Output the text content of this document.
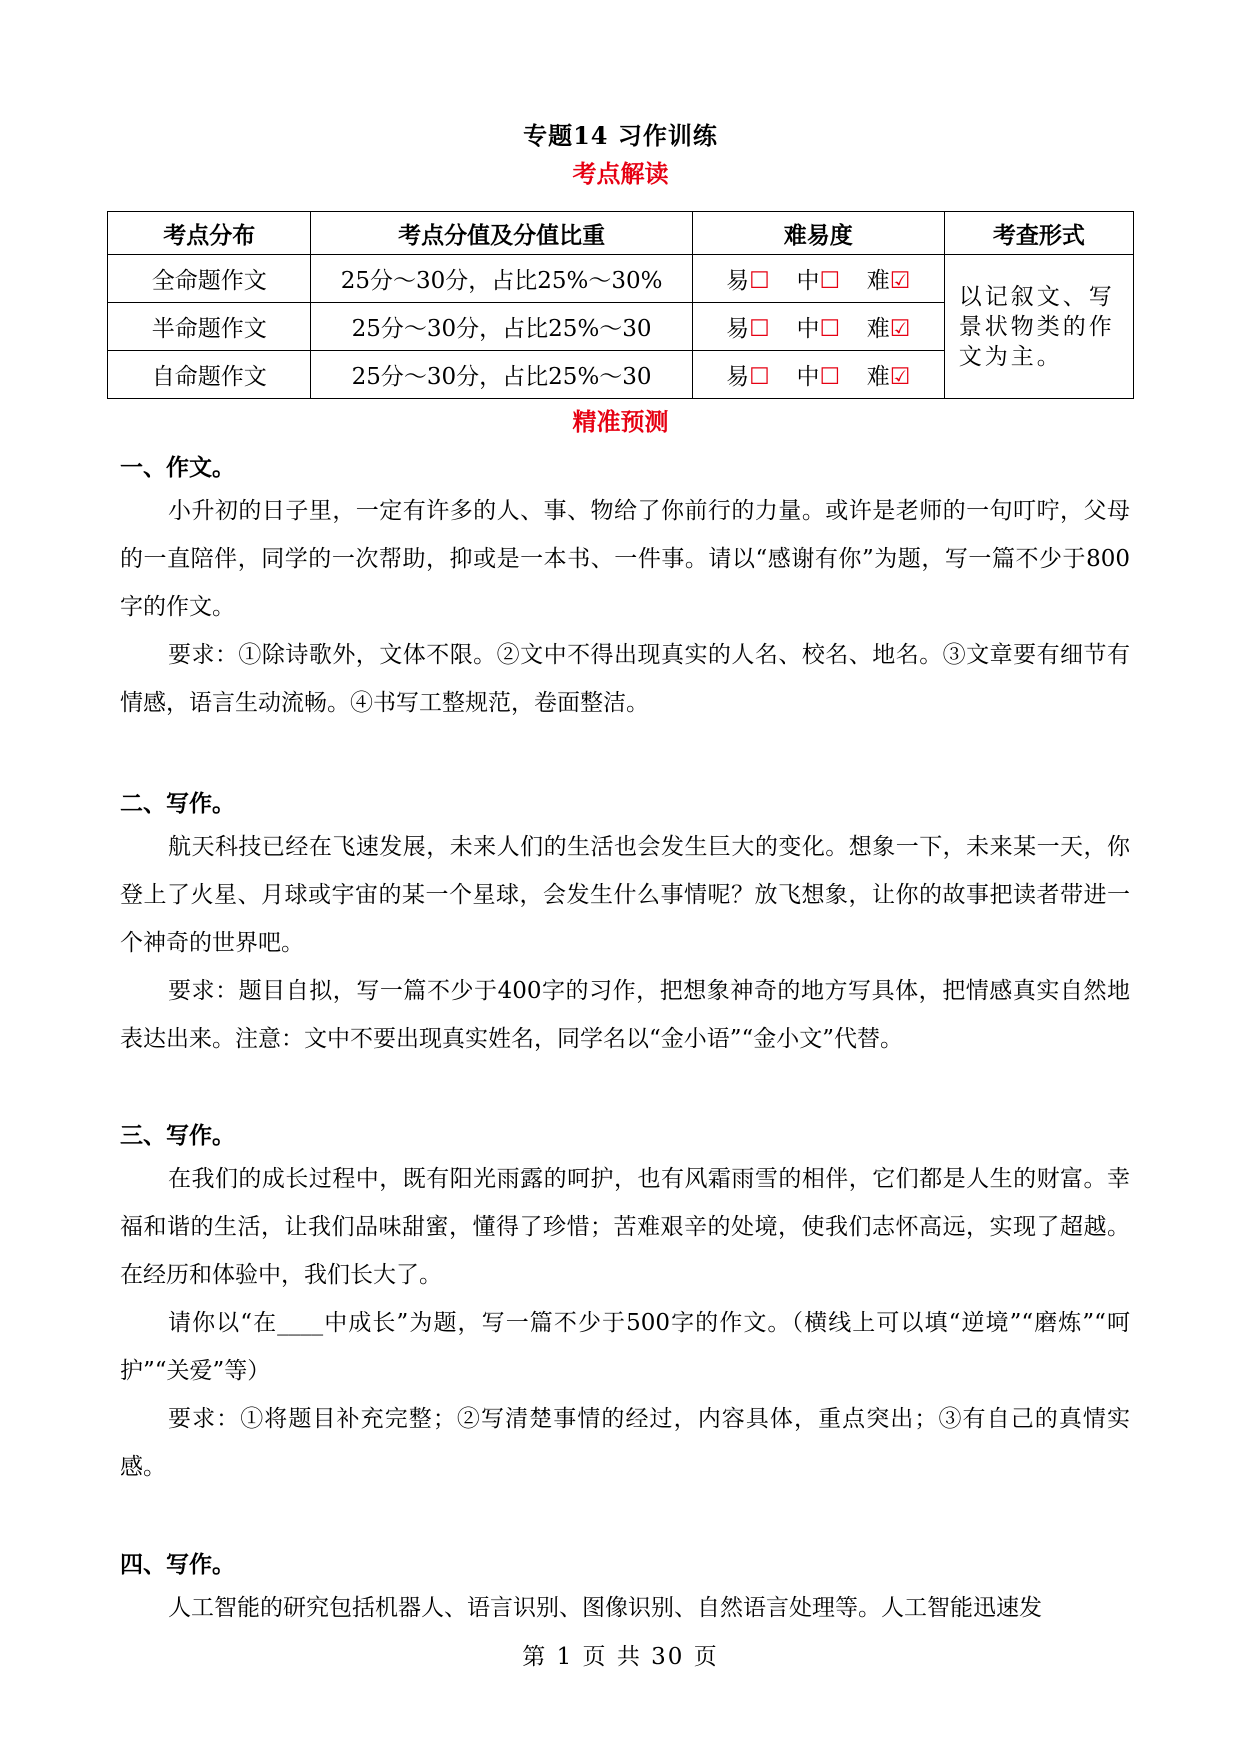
专题14 习作训练
考点解读
考点分布	考点分值及分值比重	难易度	考查形式
全命题作文	25分～30分，占比25%～30%	易☐ 中☐ 难☑	以记叙文、写景状物类的作文为主。
半命题作文	25分～30分，占比25%～30	易☐ 中☐ 难☑	

自命题作文	25分～30分，占比25%～30	易☐ 中☐ 难☑	
精准预测
一、作文。
小升初的日子里，一定有许多的人、事、物给了你前行的力量。或许是老师的一句叮咛，父母的一直陪伴，同学的一次帮助，抑或是一本书、一件事。请以“感谢有你”为题，写一篇不少于800字的作文。
要求：①除诗歌外，文体不限。②文中不得出现真实的人名、校名、地名。③文章要有细节有情感，语言生动流畅。④书写工整规范，卷面整洁。
二、写作。
航天科技已经在飞速发展，未来人们的生活也会发生巨大的变化。想象一下，未来某一天，你登上了火星、月球或宇宙的某一个星球，会发生什么事情呢？放飞想象，让你的故事把读者带进一个神奇的世界吧。
要求：题目自拟，写一篇不少于400字的习作，把想象神奇的地方写具体，把情感真实自然地表达出来。注意：文中不要出现真实姓名，同学名以“金小语”“金小文”代替。
三、写作。
在我们的成长过程中，既有阳光雨露的呵护，也有风霜雨雪的相伴，它们都是人生的财富。幸福和谐的生活，让我们品味甜蜜，懂得了珍惜；苦难艰辛的处境，使我们志怀高远，实现了超越。在经历和体验中，我们长大了。
请你以“在____中成长”为题，写一篇不少于500字的作文。（横线上可以填“逆境”“磨炼”“呵护”“关爱”等）
要求：①将题目补充完整；②写清楚事情的经过，内容具体，重点突出；③有自己的真情实感。
四、写作。
人工智能的研究包括机器人、语言识别、图像识别、自然语言处理等。人工智能迅速发
第 1 页 共 30 页
